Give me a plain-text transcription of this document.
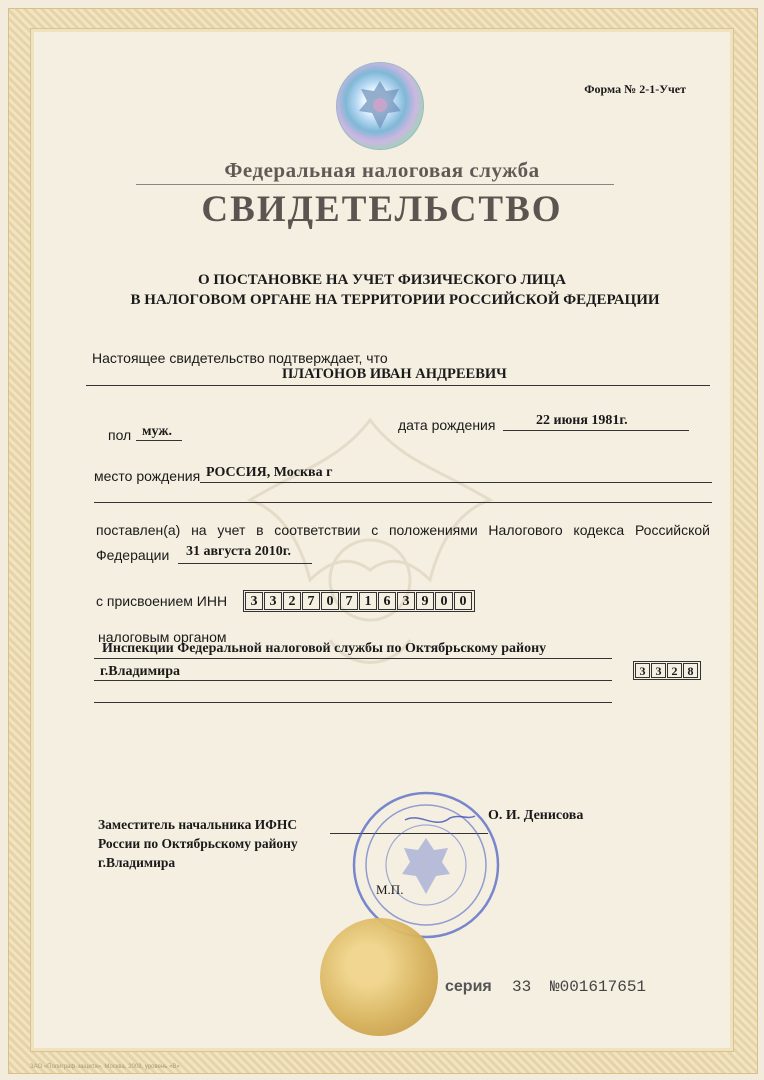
Форма № 2-1-Учет
Федеральная налоговая служба
СВИДЕТЕЛЬСТВО
О ПОСТАНОВКЕ НА УЧЕТ ФИЗИЧЕСКОГО ЛИЦА
В НАЛОГОВОМ ОРГАНЕ НА ТЕРРИТОРИИ РОССИЙСКОЙ ФЕДЕРАЦИИ
Настоящее свидетельство подтверждает, что
ПЛАТОНОВ ИВАН АНДРЕЕВИЧ
пол муж.	дата рождения	22 июня 1981г.
место рождения РОССИЯ, Москва г
поставлен(а) на учет в соответствии с положениями Налогового кодекса Российской
Федерации 31 августа 2010г.
с присвоением ИНН	3 3 2 7 0 7 1 6 3 9 0 0
налоговым органом
Инспекции Федеральной налоговой службы по Октябрьскому району
г.Владимира	3 3 2 8
Заместитель начальника ИФНС
России по Октябрьскому району
г.Владимира
О. И. Денисова
М.П.
серия 33 №001617651
ЗАО «Полиграф-защита», Москва, 2008, уровень «В»
